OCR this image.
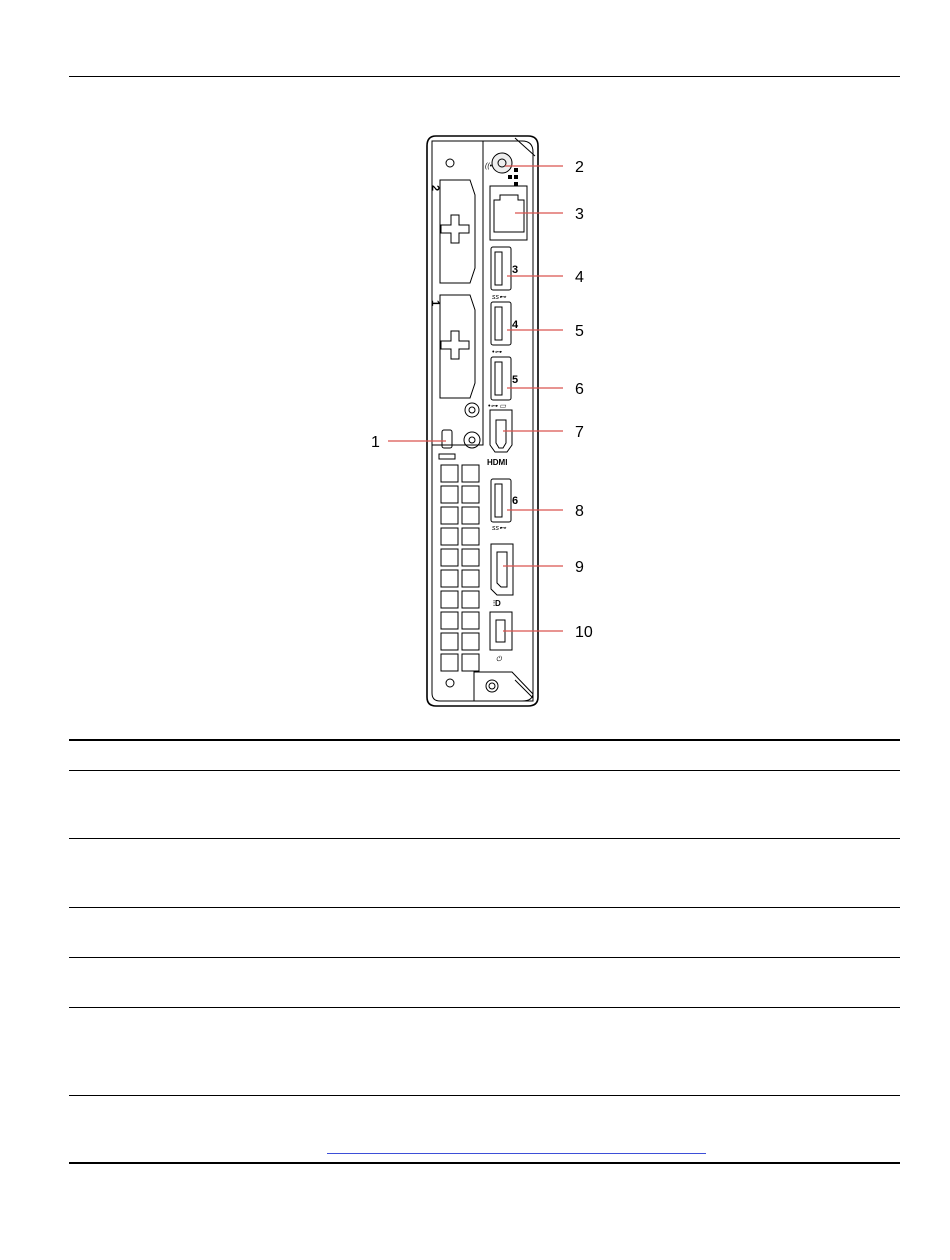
2
1
((•
3
ss⊷
4
•⊶
5
•⊶ ▭
HDMI
6
ss⊷
⫶D
⏻
1
2
3
4
5
6
7
8
9
10
